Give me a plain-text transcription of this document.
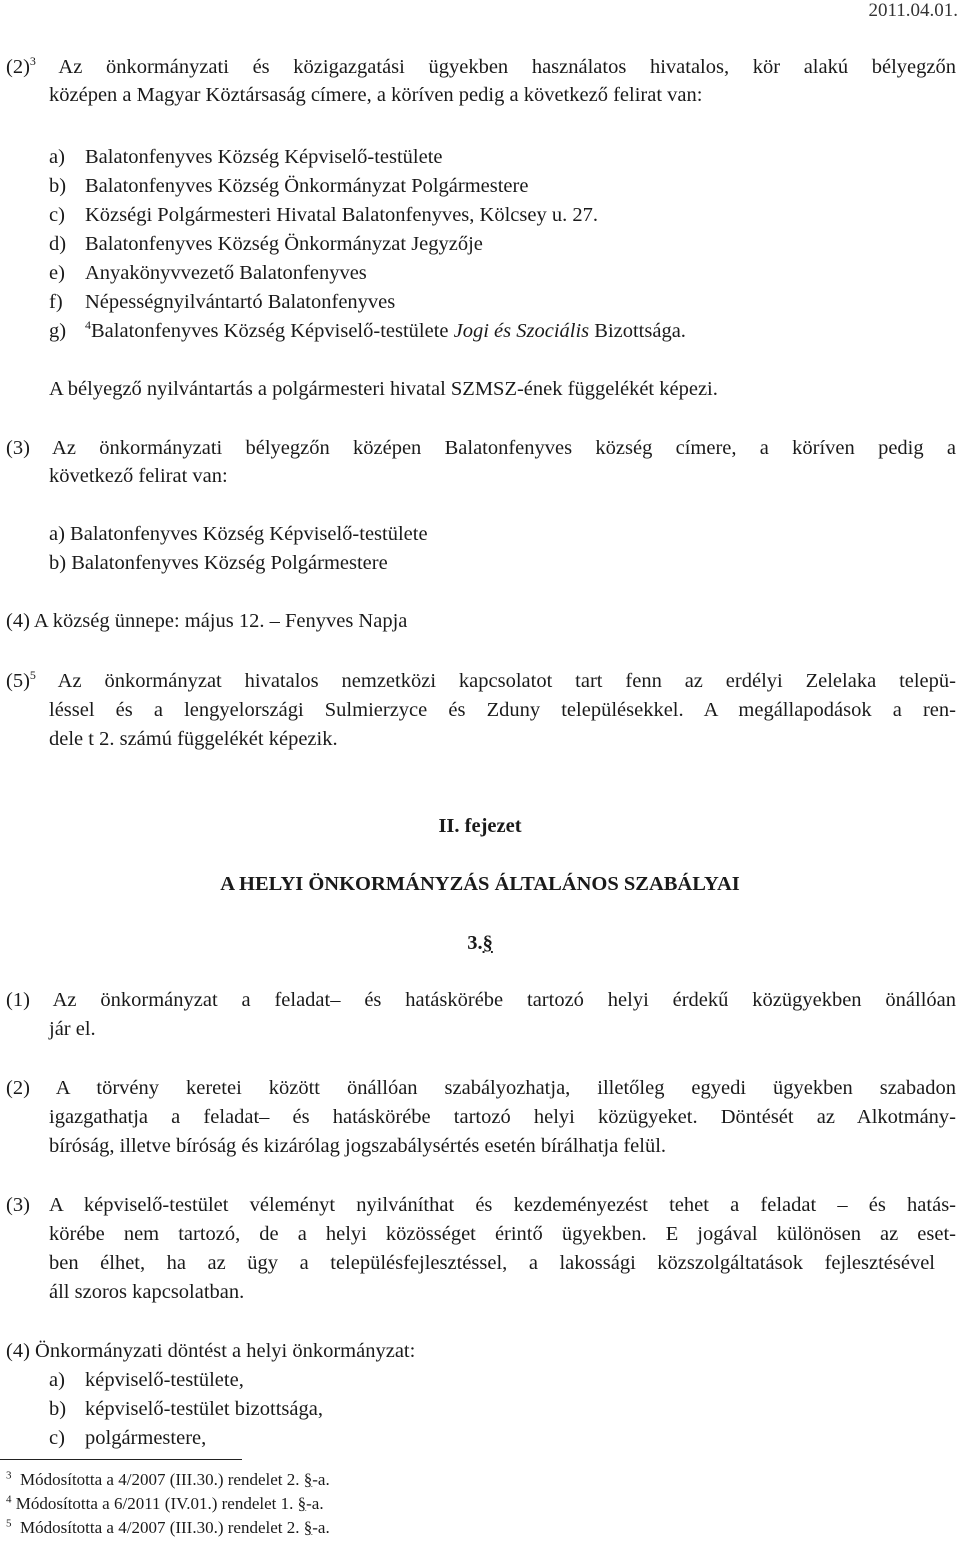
2011.04.01.
$(2)^3$ Az önkormányzati és közigazgatási ügyekben használatos hivatalos, kör alakú bélyegzőn
középen a Magyar Köztársaság címere, a köríven pedig a következő felirat van:
a) Balatonfenyves Község Képviselő-testülete
b) Balatonfenyves Község Önkormányzat Polgármestere
c) Községi Polgármesteri Hivatal Balatonfenyves, Kölcsey u. 27.
d) Balatonfenyves Község Önkormányzat Jegyzője
e) Anyakönyvvezető Balatonfenyves
f) Népességnyilvántartó Balatonfenyves
g) $^4$Balatonfenyves Község Képviselő-testülete Jogi és Szociális Bizottsága.
A bélyegző nyilvántartás a polgármesteri hivatal SZMSZ-ének függelékét képezi.
(3) Az önkormányzati bélyegzőn középen Balatonfenyves község címere, a köríven pedig a
következő felirat van:
a) Balatonfenyves Község Képviselő-testülete
b) Balatonfenyves Község Polgármestere
(4) A község ünnepe: május 12. – Fenyves Napja
$(5)^5$ Az önkormányzat hivatalos nemzetközi kapcsolatot tart fenn az erdélyi Zelelaka telepü-
léssel és a lengyelországi Sulmierzyce és Zduny településekkel. A megállapodások a ren-
dele t 2. számú függelékét képezik.
II. fejezet
A HELYI ÖNKORMÁNYZÁS ÁLTALÁNOS SZABÁLYAI
3.§
(1) Az önkormányzat a feladat– és hatáskörébe tartozó helyi érdekű közügyekben önállóan
jár el.
(2) A törvény keretei között önállóan szabályozhatja, illetőleg egyedi ügyekben szabadon
igazgathatja a feladat– és hatáskörébe tartozó helyi közügyeket. Döntését az Alkotmány-
bíróság, illetve bíróság és kizárólag jogszabálysértés esetén bírálhatja felül.
(3) A képviselő-testület véleményt nyilváníthat és kezdeményezést tehet a feladat – és hatás-
körébe nem tartozó, de a helyi közösséget érintő ügyekben. E jogával különösen az eset-
ben élhet, ha az ügy a településfejlesztéssel, a lakossági közszolgáltatások fejlesztésével
áll szoros kapcsolatban.
(4) Önkormányzati döntést a helyi önkormányzat:
a) képviselő-testülete,
b) képviselő-testület bizottsága,
c) polgármestere,
$^3$ Módosította a 4/2007 (III.30.) rendelet 2. §-a.
$^4$ Módosította a 6/2011 (IV.01.) rendelet 1. §-a.
$^5$ Módosította a 4/2007 (III.30.) rendelet 2. §-a.
